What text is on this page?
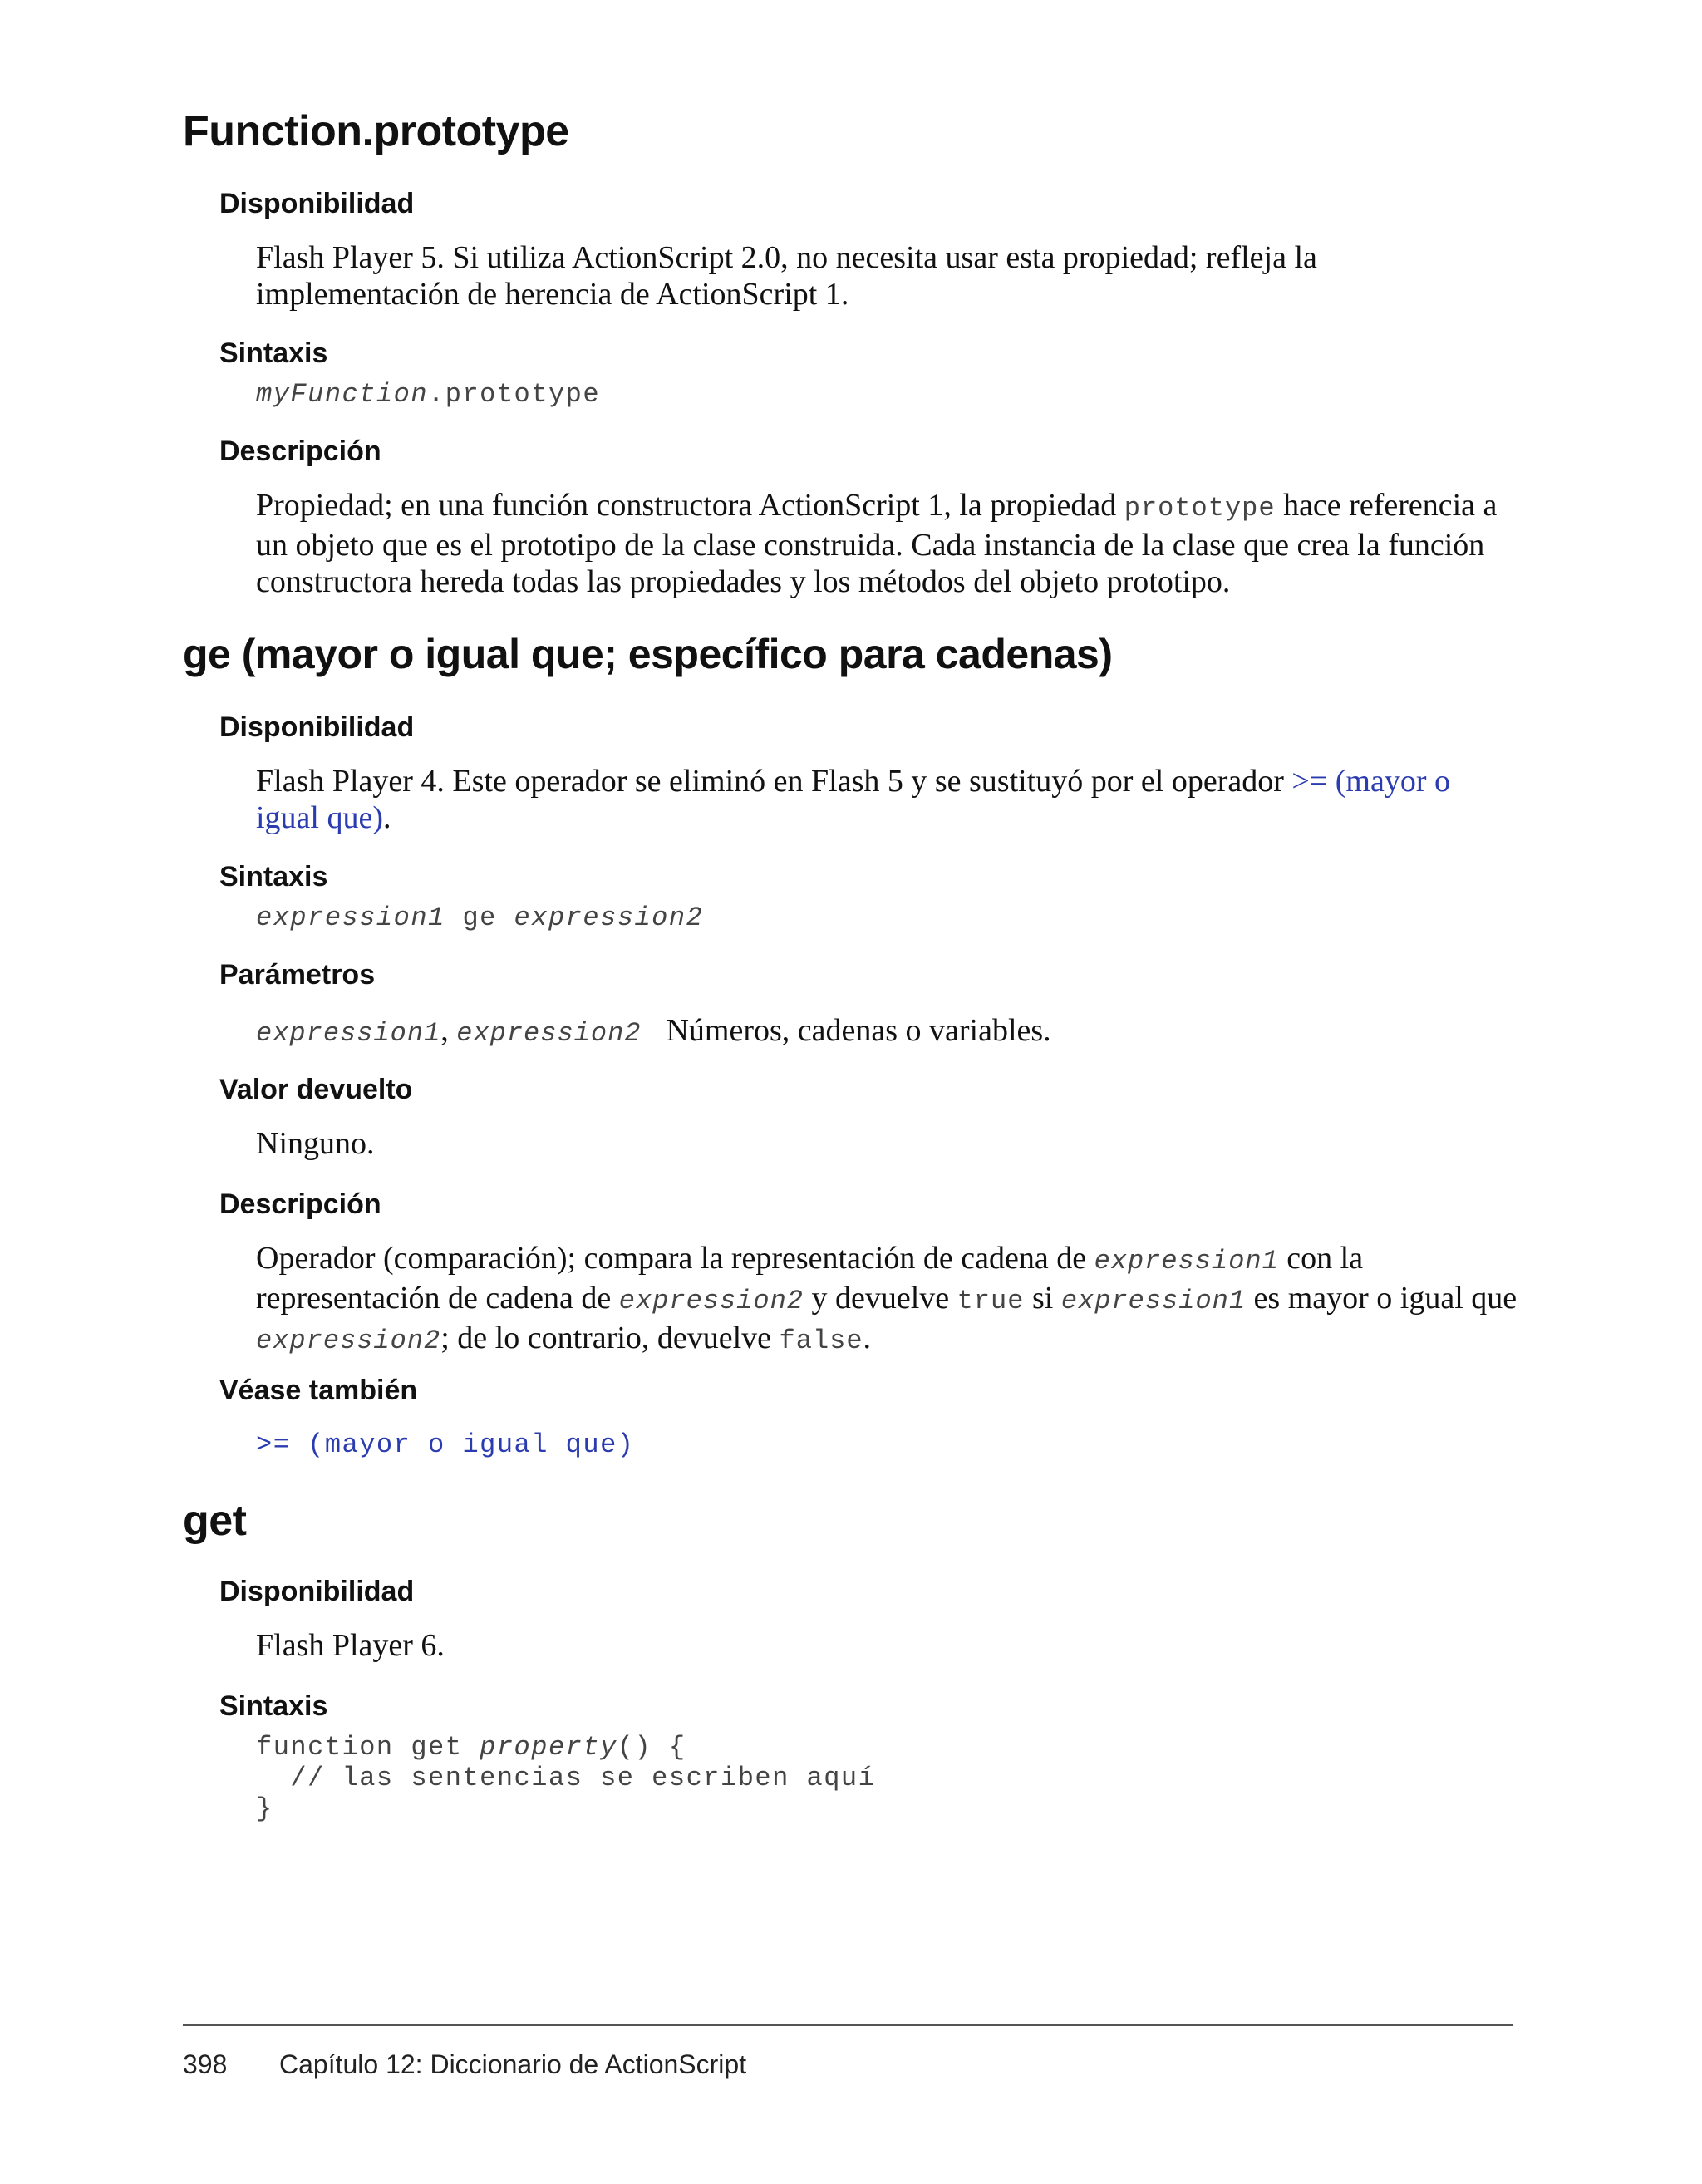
Function.prototype
Disponibilidad
Flash Player 5. Si utiliza ActionScript 2.0, no necesita usar esta propiedad; refleja la
implementación de herencia de ActionScript 1.
Sintaxis
myFunction.prototype
Descripción
Propiedad; en una función constructora ActionScript 1, la propiedad prototype hace referencia a
un objeto que es el prototipo de la clase construida. Cada instancia de la clase que crea la función
constructora hereda todas las propiedades y los métodos del objeto prototipo.
ge (mayor o igual que; específico para cadenas)
Disponibilidad
Flash Player 4. Este operador se eliminó en Flash 5 y se sustituyó por el operador >= (mayor o
igual que).
Sintaxis
expression1 ge expression2
Parámetros
expression1, expression2 Números, cadenas o variables.
Valor devuelto
Ninguno.
Descripción
Operador (comparación); compara la representación de cadena de expression1 con la
representación de cadena de expression2 y devuelve true si expression1 es mayor o igual que
expression2; de lo contrario, devuelve false.
Véase también
>= (mayor o igual que)
get
Disponibilidad
Flash Player 6.
Sintaxis
function get property() {
// las sentencias se escriben aquí
}
398 Capítulo 12: Diccionario de ActionScript
